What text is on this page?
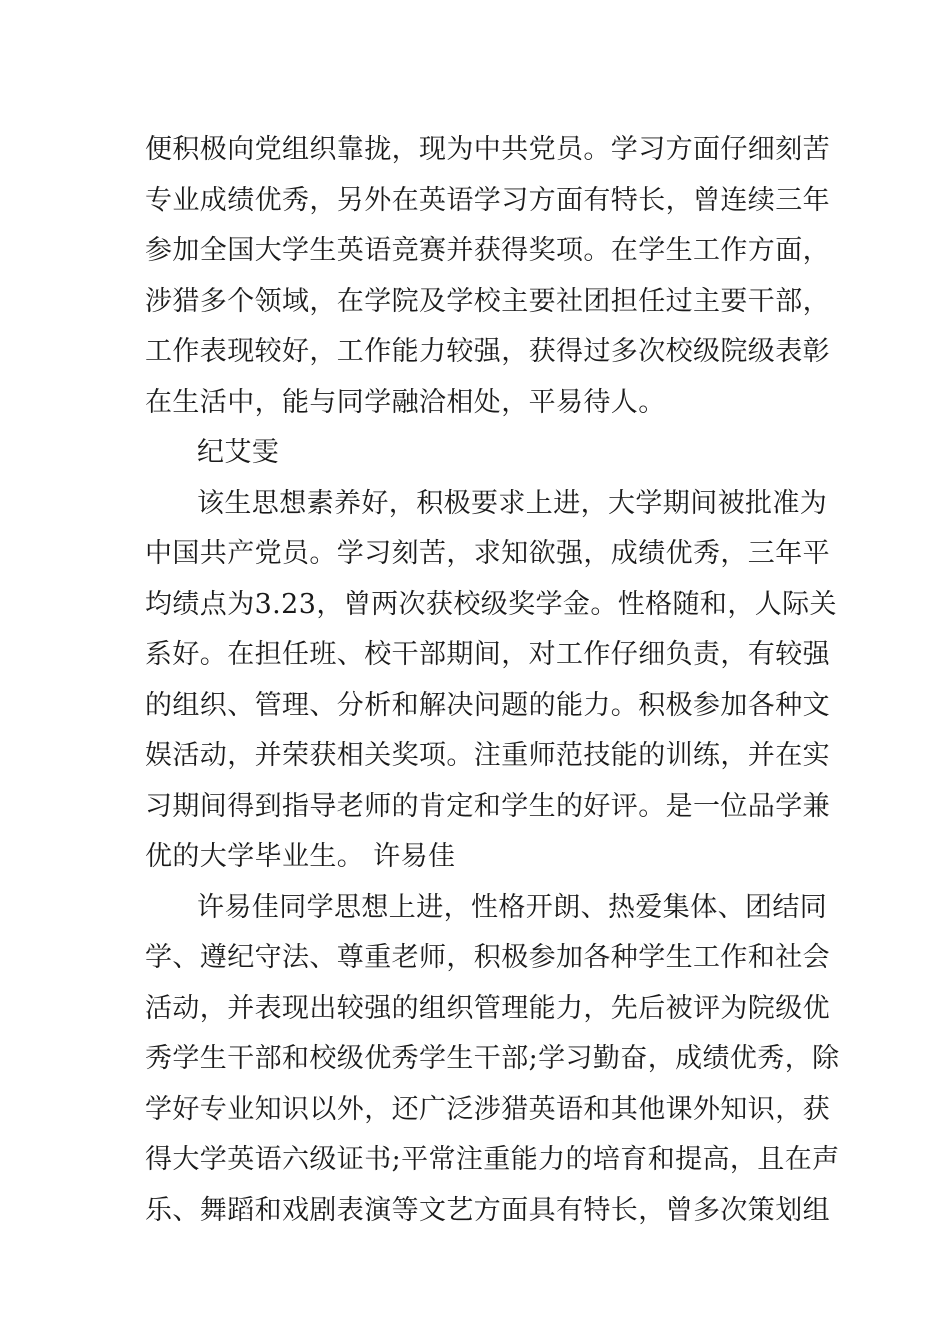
便积极向党组织靠拢，现为中共党员。学习方面仔细刻苦
专业成绩优秀，另外在英语学习方面有特长，曾连续三年
参加全国大学生英语竞赛并获得奖项。在学生工作方面，
涉猎多个领域，在学院及学校主要社团担任过主要干部，
工作表现较好，工作能力较强，获得过多次校级院级表彰
在生活中，能与同学融洽相处，平易待人。
纪艾雯
该生思想素养好，积极要求上进，大学期间被批准为
中国共产党员。学习刻苦，求知欲强，成绩优秀，三年平
均绩点为3.23，曾两次获校级奖学金。性格随和，人际关
系好。在担任班、校干部期间，对工作仔细负责，有较强
的组织、管理、分析和解决问题的能力。积极参加各种文
娱活动，并荣获相关奖项。注重师范技能的训练，并在实
习期间得到指导老师的肯定和学生的好评。是一位品学兼
优的大学毕业生。 许易佳
许易佳同学思想上进，性格开朗、热爱集体、团结同
学、遵纪守法、尊重老师，积极参加各种学生工作和社会
活动，并表现出较强的组织管理能力，先后被评为院级优
秀学生干部和校级优秀学生干部;学习勤奋，成绩优秀，除
学好专业知识以外，还广泛涉猎英语和其他课外知识，获
得大学英语六级证书;平常注重能力的培育和提高，且在声
乐、舞蹈和戏剧表演等文艺方面具有特长，曾多次策划组
